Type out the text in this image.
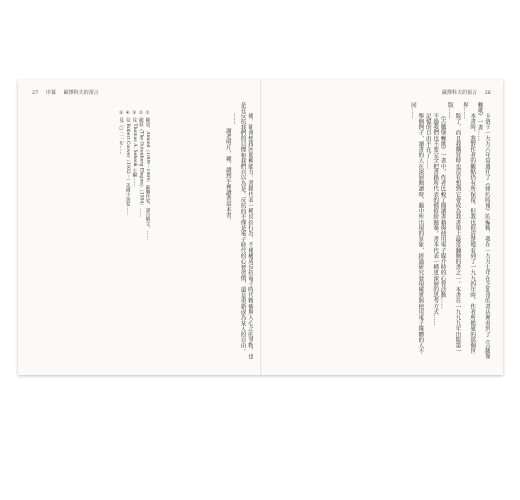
27 序幕 歐擇科夫的預言	歐擇科夫的預言 26

卡洛于一九九八年當選任了《紐約時報》的編輯，我在一九九七年在芝加哥的書店裡看到了《古騰堡輓歌》一書……

本書時，我對作者的觀點仍有所保留，但我也很清楚地看到了一九九四年時，作者所擔憂的那個世界……

版了，而且我購買時也沒有想到它會成為我書架上最常翻閱的書之一。本書在一九九九年出版第一版……

《古騰堡輓歌》一書中，作者比較了閱讀書籍與使用電子媒介時的心智活動……

不過我們也不要完全把書籍所代表的價值給拋棄。書本代表一種更深層的思考方式……

記憶的自由不在了……

舉個例子，讀書的人在深層閱讀時，腦中所出現的景象，經過研究發現確實與使用電子媒體的人不同……

後，卻會想找回那種能力。書籍代表一種反抗行為，不僅構成反抗電子時代精確與人心之的爭物，也是在反抗我們的目標和我們自以為是。反抗的不僅是電子時代的心智習慣，還是重新成為某人的自由。

……

謝老明片，種，讀到手裡讀著這本書。

① 歐思，Ahmed（1909－1984）蘇聯作家，譯自俄文。……

② 歐茲《The Gutenberg Elegies》（1994）……

③ 見 Thomas A. Sebeok 主編……

④ 見 Robert Coover（1932－）美國小說家……

⑤ 見二○二一年……
